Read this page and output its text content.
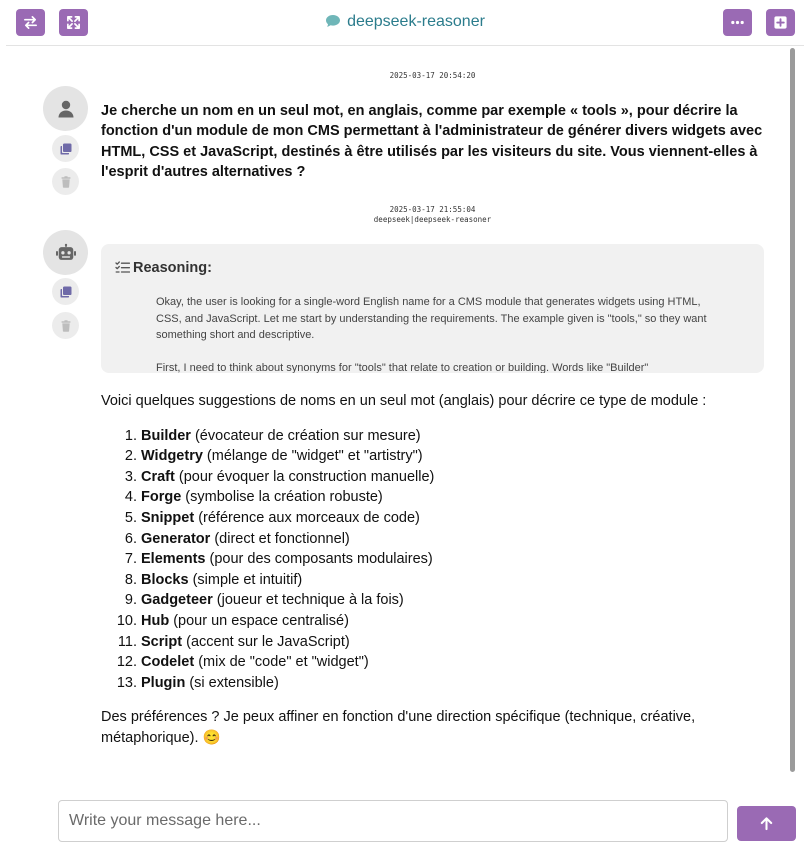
deepseek-reasoner
2025-03-17 20:54:20
Je cherche un nom en un seul mot, en anglais, comme par exemple « tools », pour décrire la fonction d'un module de mon CMS permettant à l'administrateur de générer divers widgets avec HTML, CSS et JavaScript, destinés à être utilisés par les visiteurs du site. Vous viennent-elles à l'esprit d'autres alternatives ?
2025-03-17 21:55:04
deepseek|deepseek-reasoner
Reasoning:

Okay, the user is looking for a single-word English name for a CMS module that generates widgets using HTML, CSS, and JavaScript. Let me start by understanding the requirements. The example given is "tools," so they want something short and descriptive.

First, I need to think about synonyms for "tools" that relate to creation or building. Words like "Builder"

Voici quelques suggestions de noms en un seul mot (anglais) pour décrire ce type de module :

1. Builder (évocateur de création sur mesure)
2. Widgetry (mélange de "widget" et "artistry")
3. Craft (pour évoquer la construction manuelle)
4. Forge (symbolise la création robuste)
5. Snippet (référence aux morceaux de code)
6. Generator (direct et fonctionnel)
7. Elements (pour des composants modulaires)
8. Blocks (simple et intuitif)
9. Gadgeteer (joueur et technique à la fois)
10. Hub (pour un espace centralisé)
11. Script (accent sur le JavaScript)
12. Codelet (mix de "code" et "widget")
13. Plugin (si extensible)

Des préférences ? Je peux affiner en fonction d'une direction spécifique (technique, créative, métaphorique). 😊

Write your message here...
